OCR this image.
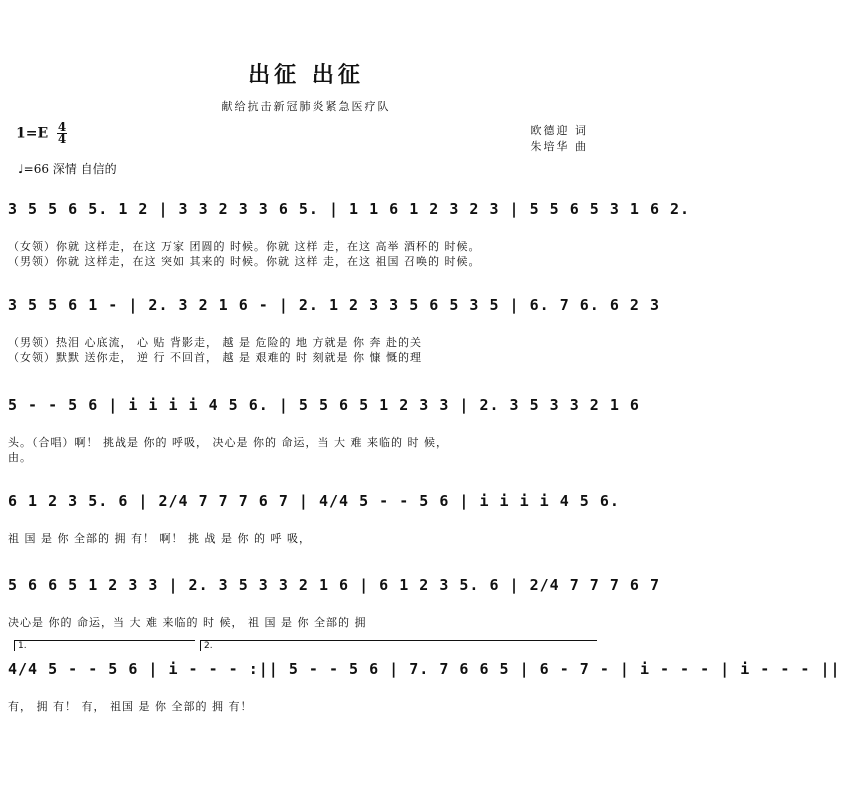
出征 出征
献给抗击新冠肺炎紧急医疗队
$1=E \frac{4}{4}$	欧德迎 词
朱培华 曲
♩=66 深情 自信的
3 5 5 6 5. 1 2 | 3 3 2 3 3 6 5. | 1 1 6 1 2 3 2 3 | 5 5 6 5 3 1 6 2.
（女领）你就 这样走，在这 万家 团圆的 时候。你就 这样 走，在这 高举 酒杯的 时候。
（男领）你就 这样走，在这 突如 其来的 时候。你就 这样 走，在这 祖国 召唤的 时候。
3 5 5 6 1 - | 2. 3 2 1 6 - | 2. 1 2 3 3 5 6 5 3 5 | 6. 7 6. 6 2 3
（男领）热泪 心底流， 心 贴 背影走， 越 是 危险的 地 方就是 你 奔 赴的关
（女领）默默 送你走， 逆 行 不回首， 越 是 艰难的 时 刻就是 你 慷 慨的理
5 - - 5 6 | i i i i 4 5 6. | 5 5 6 5 1 2 3 3 | 2. 3 5 3 3 2 1 6
头。（合唱）啊！ 挑战是 你的 呼吸， 决心是 你的 命运，当 大 难 来临的 时 候，
由。
6 1 2 3 5. 6 | 2/4 7 7 7 6 7 | 4/4 5 - - 5 6 | i i i i 4 5 6.
祖 国 是 你 全部的 拥 有！ 啊！ 挑 战 是 你 的 呼 吸，
5 6 6 5 1 2 3 3 | 2. 3 5 3 3 2 1 6 | 6 1 2 3 5. 6 | 2/4 7 7 7 6 7
决心是 你的 命运，当 大 难 来临的 时 候， 祖 国 是 你 全部的 拥
1.	2.
4/4 5 - - 5 6 | i - - - :|| 5 - - 5 6 | 7. 7 6 6 5 | 6 - 7 - | i - - - | i - - - ||
有， 拥 有！ 有， 祖国 是 你 全部的 拥 有！
